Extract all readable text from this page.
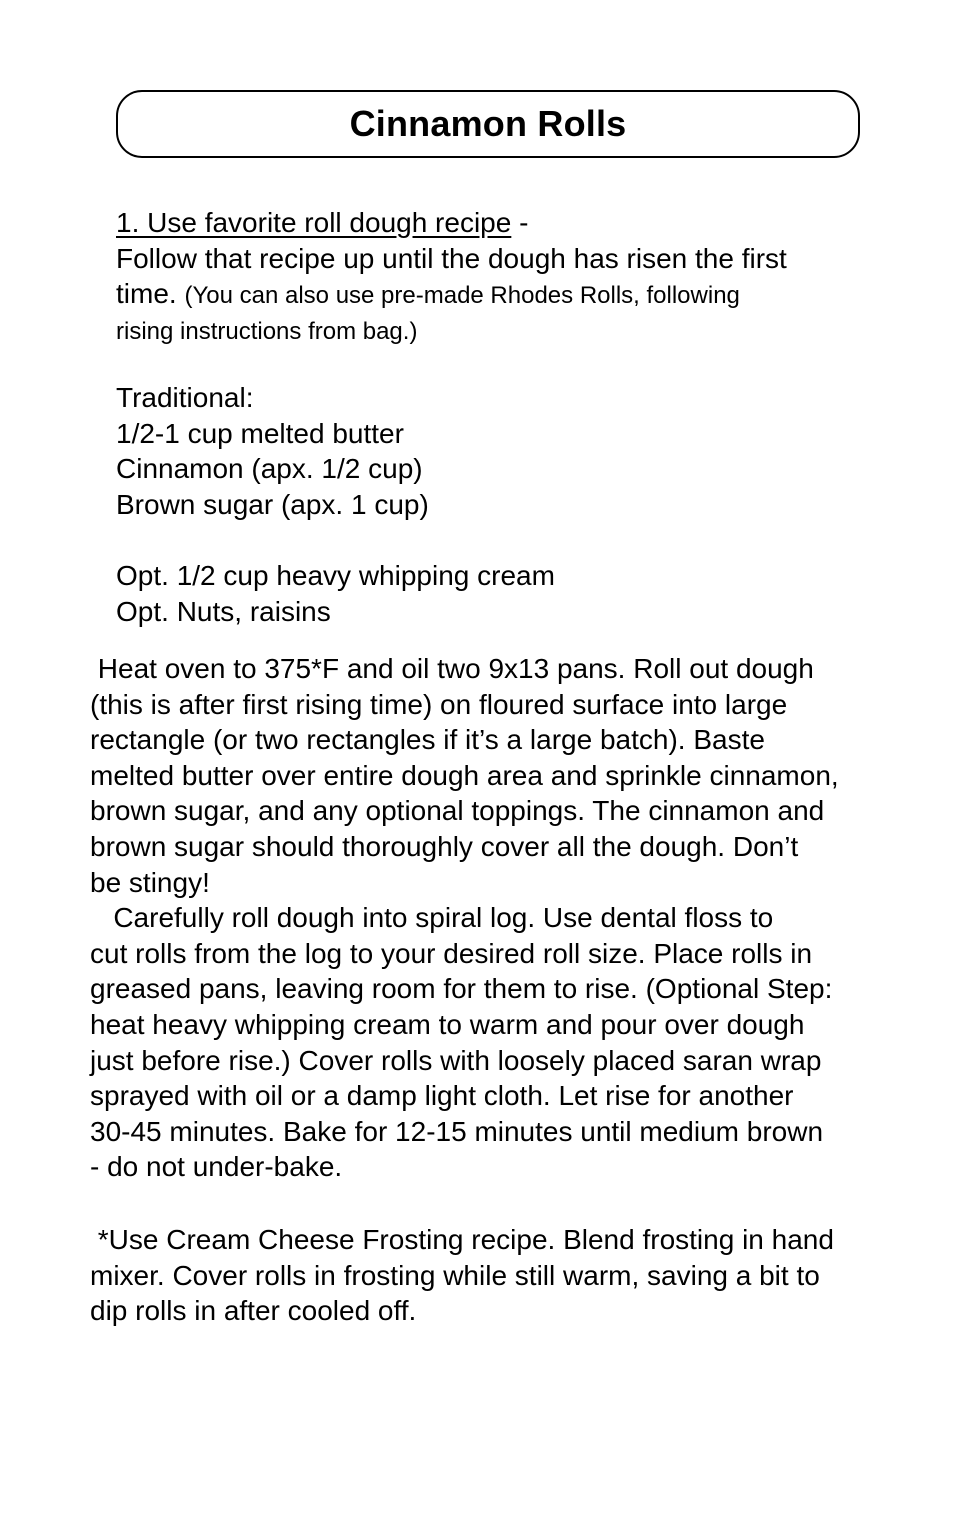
Cinnamon Rolls

1. Use favorite roll dough recipe -

Follow that recipe up until the dough has risen the first

time. (You can also use pre-made Rhodes Rolls, following

rising instructions from bag.)

Traditional:

1/2-1 cup melted butter

Cinnamon (apx. 1/2 cup)

Brown sugar (apx. 1 cup)

Opt. 1/2 cup heavy whipping cream

Opt. Nuts, raisins

Heat oven to 375*F and oil two 9x13 pans. Roll out dough

(this is after first rising time) on floured surface into large

rectangle (or two rectangles if it’s a large batch). Baste

melted butter over entire dough area and sprinkle cinnamon,

brown sugar, and any optional toppings. The cinnamon and

brown sugar should thoroughly cover all the dough. Don’t

be stingy!

Carefully roll dough into spiral log. Use dental floss to

cut rolls from the log to your desired roll size. Place rolls in

greased pans, leaving room for them to rise. (Optional Step:

heat heavy whipping cream to warm and pour over dough

just before rise.) Cover rolls with loosely placed saran wrap

sprayed with oil or a damp light cloth. Let rise for another

30-45 minutes. Bake for 12-15 minutes until medium brown

- do not under-bake.

*Use Cream Cheese Frosting recipe. Blend frosting in hand

mixer. Cover rolls in frosting while still warm, saving a bit to

dip rolls in after cooled off.
